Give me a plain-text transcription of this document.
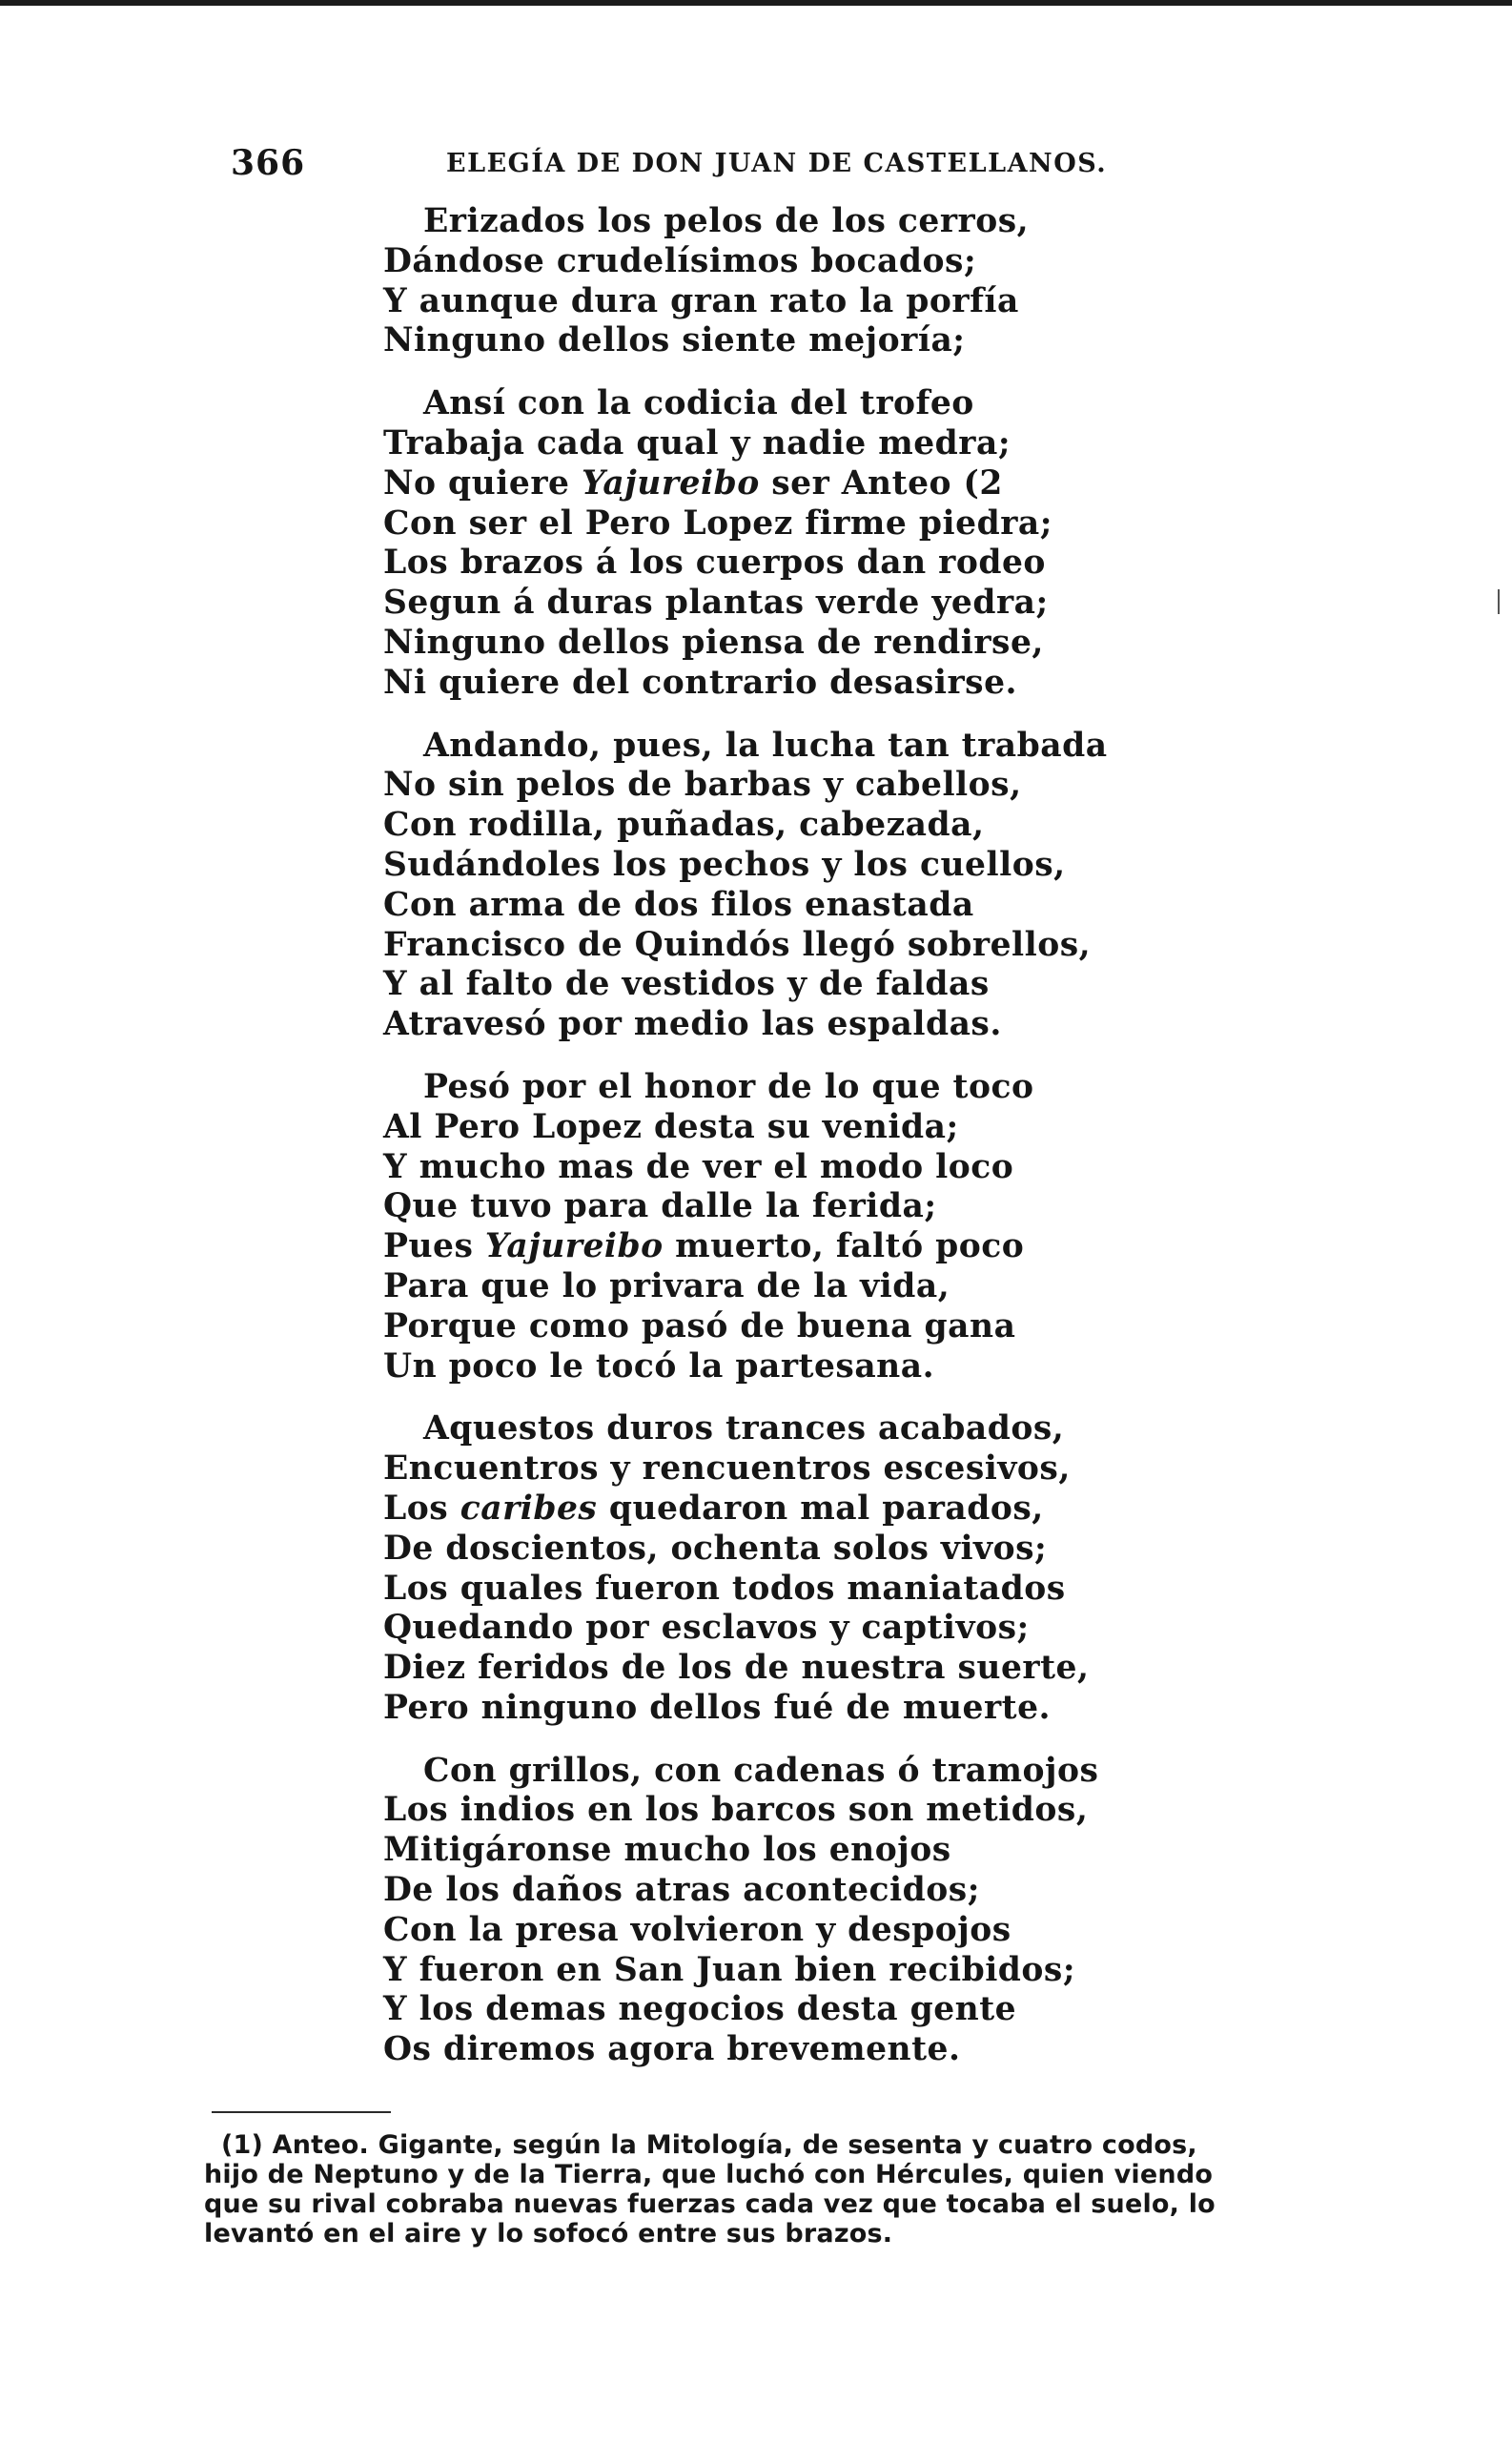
366	ELEGÍA DE DON JUAN DE CASTELLANOS.

Erizados los pelos de los cerros,
Dándose crudelísimos bocados;
Y aunque dura gran rato la porfía
Ninguno dellos siente mejoría;

Ansí con la codicia del trofeo
Trabaja cada qual y nadie medra;
No quiere Yajureibo ser Anteo (2
Con ser el Pero Lopez firme piedra;
Los brazos á los cuerpos dan rodeo
Segun á duras plantas verde yedra;
Ninguno dellos piensa de rendirse,
Ni quiere del contrario desasirse.

Andando, pues, la lucha tan trabada
No sin pelos de barbas y cabellos,
Con rodilla, puñadas, cabezada,
Sudándoles los pechos y los cuellos,
Con arma de dos filos enastada
Francisco de Quindós llegó sobrellos,
Y al falto de vestidos y de faldas
Atravesó por medio las espaldas.

Pesó por el honor de lo que toco
Al Pero Lopez desta su venida;
Y mucho mas de ver el modo loco
Que tuvo para dalle la ferida;
Pues Yajureibo muerto, faltó poco
Para que lo privara de la vida,
Porque como pasó de buena gana
Un poco le tocó la partesana.

Aquestos duros trances acabados,
Encuentros y rencuentros escesivos,
Los caribes quedaron mal parados,
De doscientos, ochenta solos vivos;
Los quales fueron todos maniatados
Quedando por esclavos y captivos;
Diez feridos de los de nuestra suerte,
Pero ninguno dellos fué de muerte.

Con grillos, con cadenas ó tramojos
Los indios en los barcos son metidos,
Mitigáronse mucho los enojos
De los daños atras acontecidos;
Con la presa volvieron y despojos
Y fueron en San Juan bien recibidos;
Y los demas negocios desta gente
Os diremos agora brevemente.

(1) Anteo. Gigante, según la Mitología, de sesenta y cuatro codos,
hijo de Neptuno y de la Tierra, que luchó con Hércules, quien viendo
que su rival cobraba nuevas fuerzas cada vez que tocaba el suelo, lo
levantó en el aire y lo sofocó entre sus brazos.
